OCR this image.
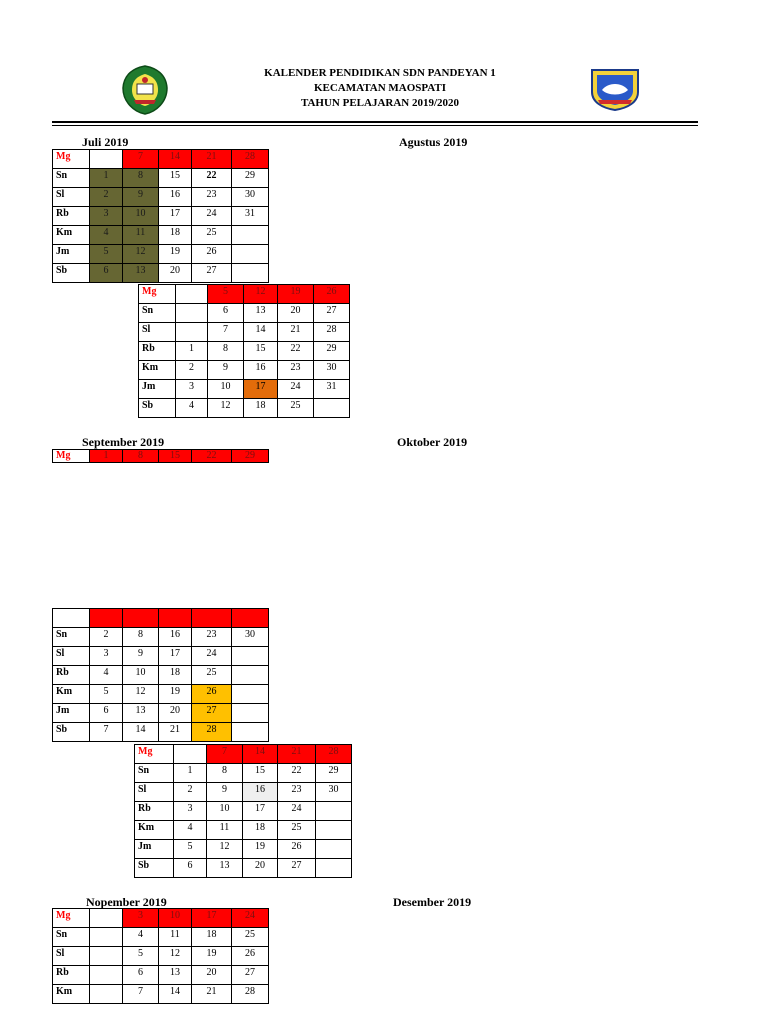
KALENDER PENDIDIKAN SDN PANDEYAN 1
KECAMATAN MAOSPATI
TAHUN PELAJARAN 2019/2020
Juli 2019	Agustus 2019
September 2019	Oktober 2019
Nopember 2019	Desember 2019
Mg		7	14	21	28
Sn	1	8	15	22	29
Sl	2	9	16	23	30
Rb	3	10	17	24	31
Km	4	11	18	25	
Jm	5	12	19	26	
Sb	6	13	20	27	
Mg		5	12	19	26
Sn		6	13	20	27
Sl		7	14	21	28
Rb	1	8	15	22	29
Km	2	9	16	23	30
Jm	3	10	17	24	31
Sb	4	12	18	25	
Mg	1	8	15	22	29

Sn	2	8	16	23	30
Sl	3	9	17	24	
Rb	4	10	18	25	
Km	5	12	19	26	
Jm	6	13	20	27	
Sb	7	14	21	28	
Mg		7	14	21	28
Sn	1	8	15	22	29
Sl	2	9	16	23	30
Rb	3	10	17	24	
Km	4	11	18	25	
Jm	5	12	19	26	
Sb	6	13	20	27	
Mg		3	10	17	24
Sn		4	11	18	25
Sl		5	12	19	26
Rb		6	13	20	27
Km		7	14	21	28
